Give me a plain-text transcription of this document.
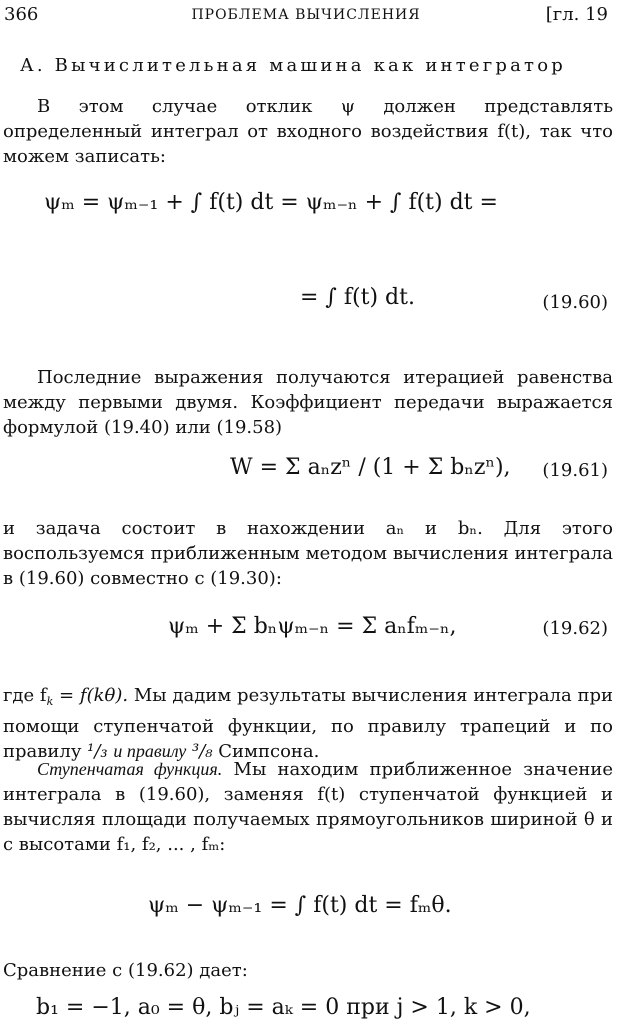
366	ПРОБЛЕМА ВЫЧИСЛЕНИЯ	[гл. 19
А. Вычислительная машина как интегратор
В этом случае отклик ψ должен представлять определенный интеграл от входного воздействия f(t), так что можем записать:
ψₘ = ψₘ₋₁ + ∫ f(t) dt = ψₘ₋ₙ + ∫ f(t) dt =
= ∫ f(t) dt.	(19.60)
Последние выражения получаются итерацией равенства между первыми двумя. Коэффициент передачи выражается формулой (19.40) или (19.58)
W = Σ aₙzⁿ / (1 + Σ bₙzⁿ), (19.61)
и задача состоит в нахождении aₙ и bₙ. Для этого воспользуемся приближенным методом вычисления интеграла в (19.60) совместно с (19.30):
ψₘ + Σ bₙψₘ₋ₙ = Σ aₙfₘ₋ₙ,	(19.62)
где $f_k = f(k\theta)$. Мы дадим результаты вычисления интеграла при помощи ступенчатой функции, по правилу трапеций и по правилу ¹/₃ и правилу ³/₈ Симпсона.
Ступенчатая функция. Мы находим приближенное значение интеграла в (19.60), заменяя f(t) ступенчатой функцией и вычисляя площади получаемых прямоугольников шириной θ и с высотами f₁, f₂, ... , fₘ:
ψₘ − ψₘ₋₁ = ∫ f(t) dt = fₘθ.
Сравнение с (19.62) дает:
b₁ = −1, a₀ = θ, bⱼ = aₖ = 0 при j > 1, k > 0,
